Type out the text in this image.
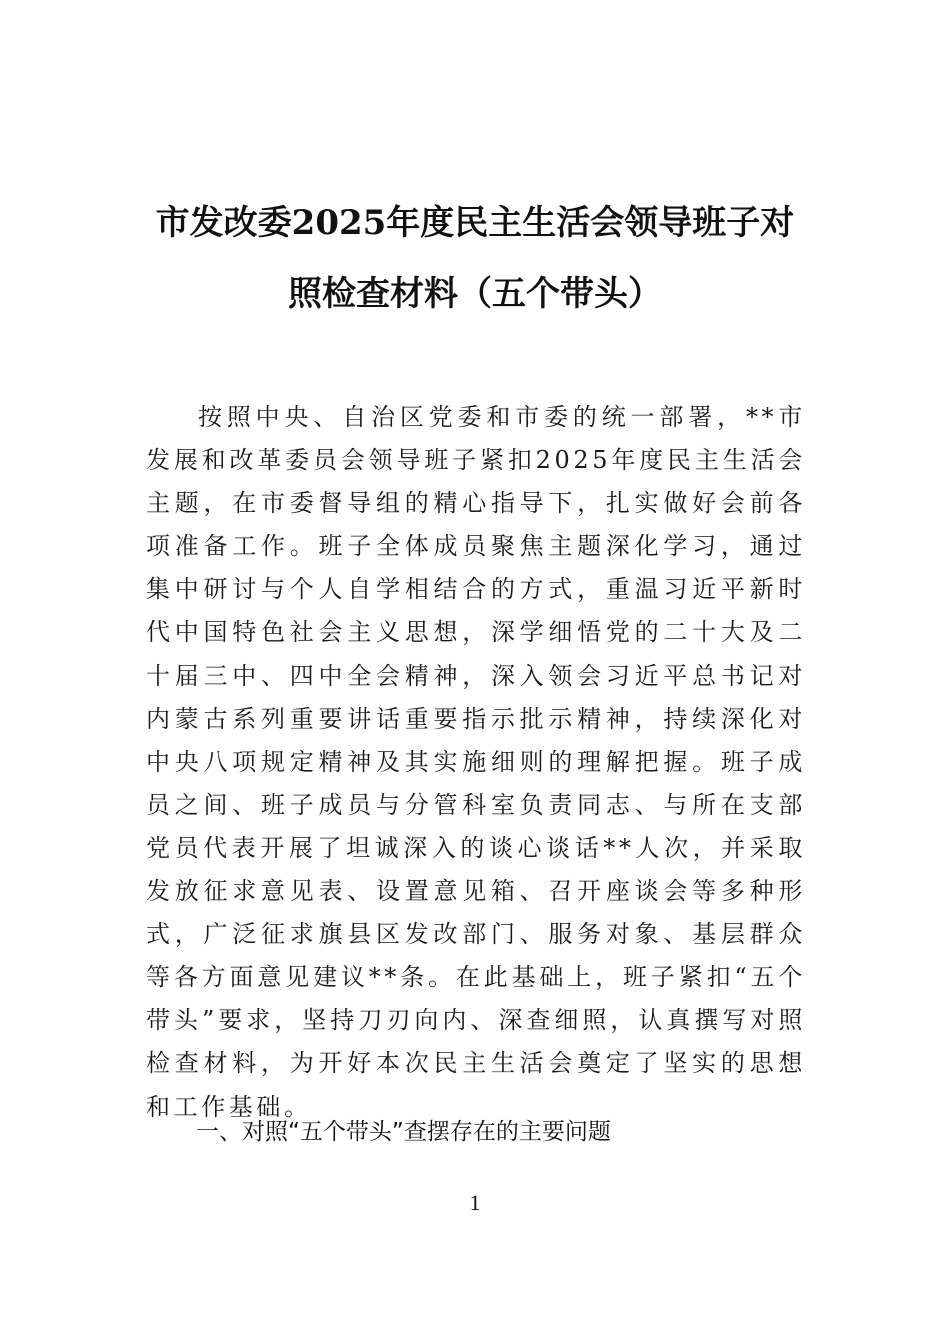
市发改委2025年度民主生活会领导班子对
照检查材料（五个带头）

按照中央、自治区党委和市委的统一部署，**市发展和改革委员会领导班子紧扣2025年度民主生活会主题，在市委督导组的精心指导下，扎实做好会前各项准备工作。班子全体成员聚焦主题深化学习，通过集中研讨与个人自学相结合的方式，重温习近平新时代中国特色社会主义思想，深学细悟党的二十大及二十届三中、四中全会精神，深入领会习近平总书记对内蒙古系列重要讲话重要指示批示精神，持续深化对中央八项规定精神及其实施细则的理解把握。班子成员之间、班子成员与分管科室负责同志、与所在支部党员代表开展了坦诚深入的谈心谈话**人次，并采取发放征求意见表、设置意见箱、召开座谈会等多种形式，广泛征求旗县区发改部门、服务对象、基层群众等各方面意见建议**条。在此基础上，班子紧扣“五个带头”要求，坚持刀刃向内、深查细照，认真撰写对照检查材料，为开好本次民主生活会奠定了坚实的思想和工作基础。

一、对照“五个带头”查摆存在的主要问题
1
